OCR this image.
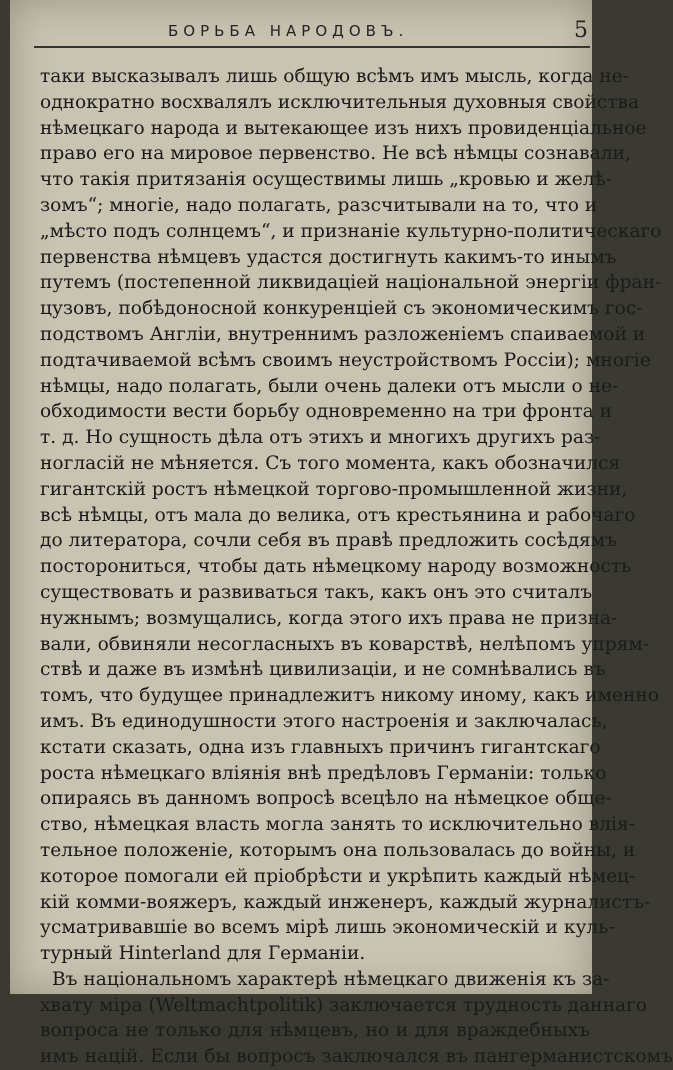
БОРЬБА НАРОДОВЪ.	5
таки высказывалъ лишь общую всѣмъ имъ мысль, когда не-
однократно восхвалялъ исключительныя духовныя свойства
нѣмецкаго народа и вытекающее изъ нихъ провиденціальное
право его на мировое первенство. Не всѣ нѣмцы сознавали,
что такія притязанія осуществимы лишь „кровью и желѣ-
зомъ“; многіе, надо полагать, разсчитывали на то, что и
„мѣсто подъ солнцемъ“, и признаніе культурно-политическаго
первенства нѣмцевъ удастся достигнуть какимъ-то инымъ
путемъ (постепенной ликвидаціей національной энергіи фран-
цузовъ, побѣдоносной конкуренціей съ экономическимъ гос-
подствомъ Англіи, внутреннимъ разложеніемъ спаиваемой и
подтачиваемой всѣмъ своимъ неустройствомъ Россіи); многіе
нѣмцы, надо полагать, были очень далеки отъ мысли о не-
обходимости вести борьбу одновременно на три фронта и
т. д. Но сущность дѣла отъ этихъ и многихъ другихъ раз-
ногласій не мѣняется. Съ того момента, какъ обозначился
гигантскій ростъ нѣмецкой торгово-промышленной жизни,
всѣ нѣмцы, отъ мала до велика, отъ крестьянина и рабочаго
до литератора, сочли себя въ правѣ предложить сосѣдямъ
посторониться, чтобы дать нѣмецкому народу возможность
существовать и развиваться такъ, какъ онъ это считалъ
нужнымъ; возмущались, когда этого ихъ права не призна-
вали, обвиняли несогласныхъ въ коварствѣ, нелѣпомъ упрям-
ствѣ и даже въ измѣнѣ цивилизаціи, и не сомнѣвались въ
томъ, что будущее принадлежитъ никому иному, какъ именно
имъ. Въ единодушности этого настроенія и заключалась,
кстати сказать, одна изъ главныхъ причинъ гигантскаго
роста нѣмецкаго вліянія внѣ предѣловъ Германіи: только
опираясь въ данномъ вопросѣ всецѣло на нѣмецкое обще-
ство, нѣмецкая власть могла занять то исключительно влія-
тельное положеніе, которымъ она пользовалась до войны, и
которое помогали ей пріобрѣсти и укрѣпить каждый нѣмец-
кій комми-вояжеръ, каждый инженеръ, каждый журналистъ-
усматривавшіе во всемъ мірѣ лишь экономическій и куль-
турный Hinterland для Германіи.
Въ національномъ характерѣ нѣмецкаго движенія къ за-
хвату міра (Weltmachtpolitik) заключается трудность даннаго
вопроса не только для нѣмцевъ, но и для враждебныхъ
имъ націй. Если бы вопросъ заключался въ пангерманистскомъ
